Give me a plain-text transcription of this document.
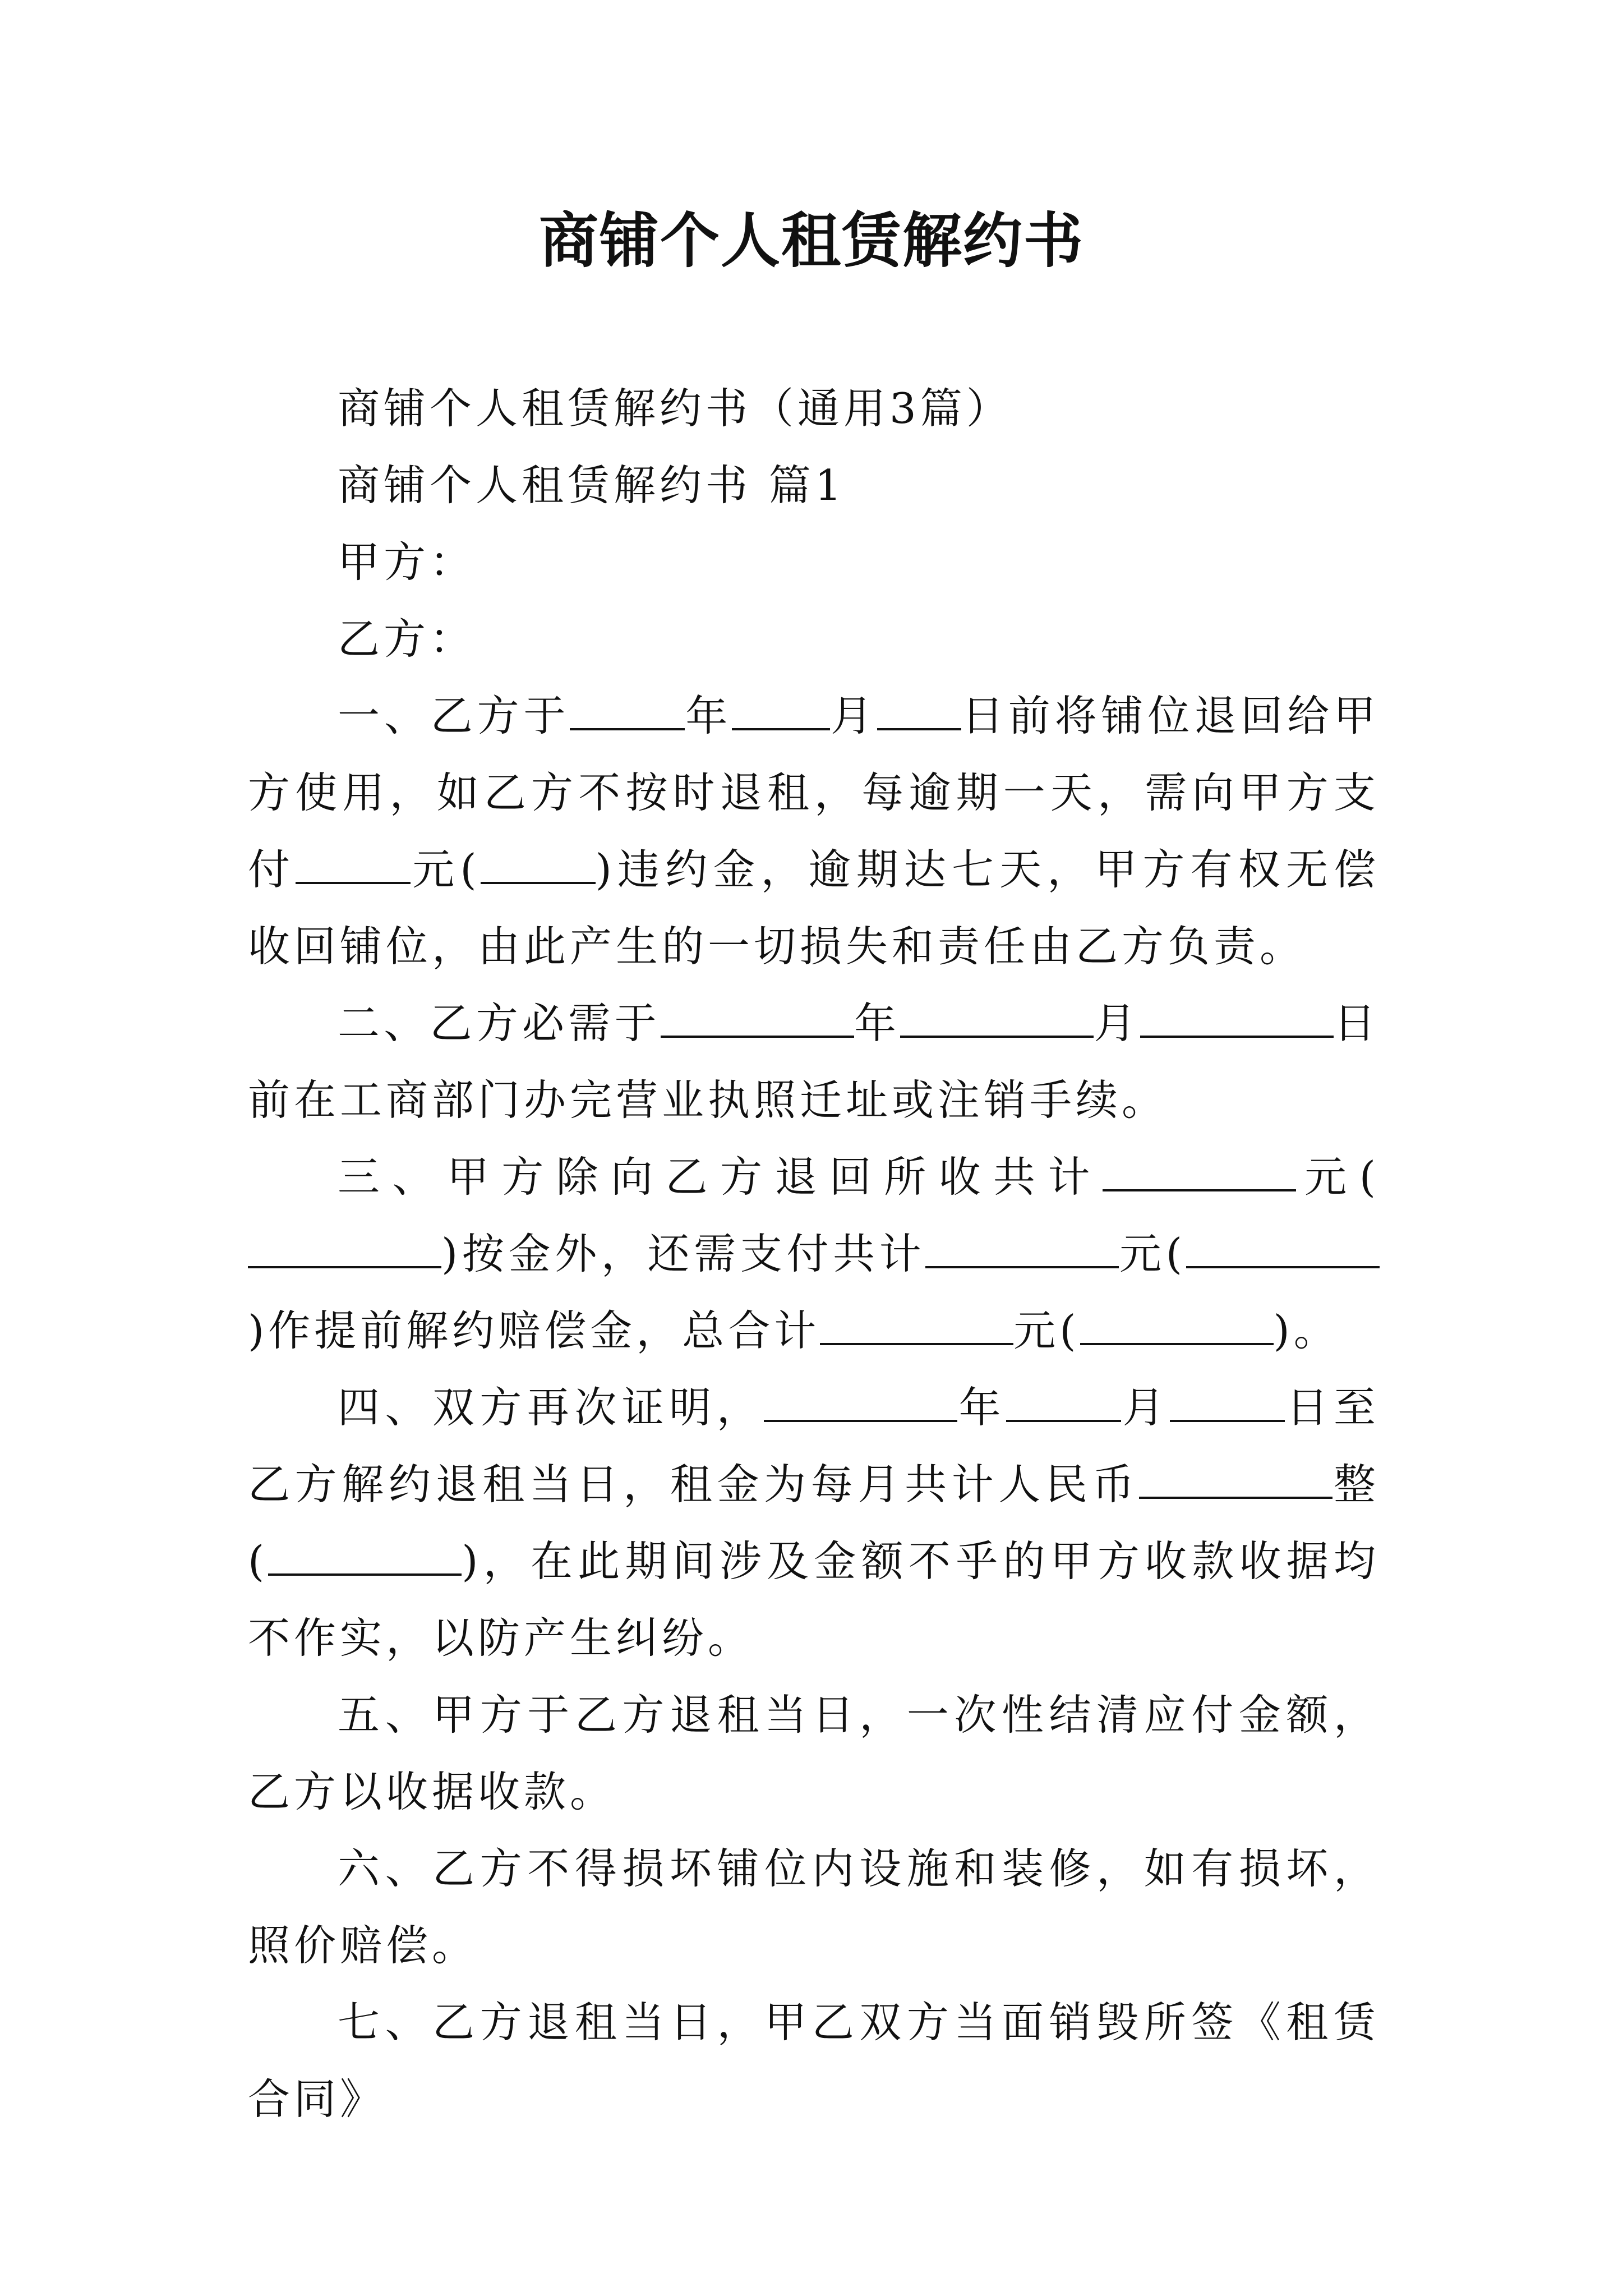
商铺个人租赁解约书

商铺个人租赁解约书（通用3篇）

商铺个人租赁解约书 篇1

甲方：

乙方：

一、乙方于	年 月 日前将铺位退回给甲方使用，如乙方不按时退租，每逾期一天，需向甲方支付	元(	)违约金，逾期达七天，甲方有权无偿收回铺位，由此产生的一切损失和责任由乙方负责。

二、乙方必需于	年	月	日前在工商部门办完营业执照迁址或注销手续。

三、甲方除向乙方退回所收共计	元()按金外，还需支付共计	元()作提前解约赔偿金，总合计	元(	)。

四、双方再次证明，	年	月	日至乙方解约退租当日，租金为每月共计人民币	整(	)，在此期间涉及金额不乎的甲方收款收据均不作实，以防产生纠纷。

五、甲方于乙方退租当日，一次性结清应付金额，乙方以收据收款。

六、乙方不得损坏铺位内设施和装修，如有损坏，照价赔偿。

七、乙方退租当日，甲乙双方当面销毁所签《租赁合同》
